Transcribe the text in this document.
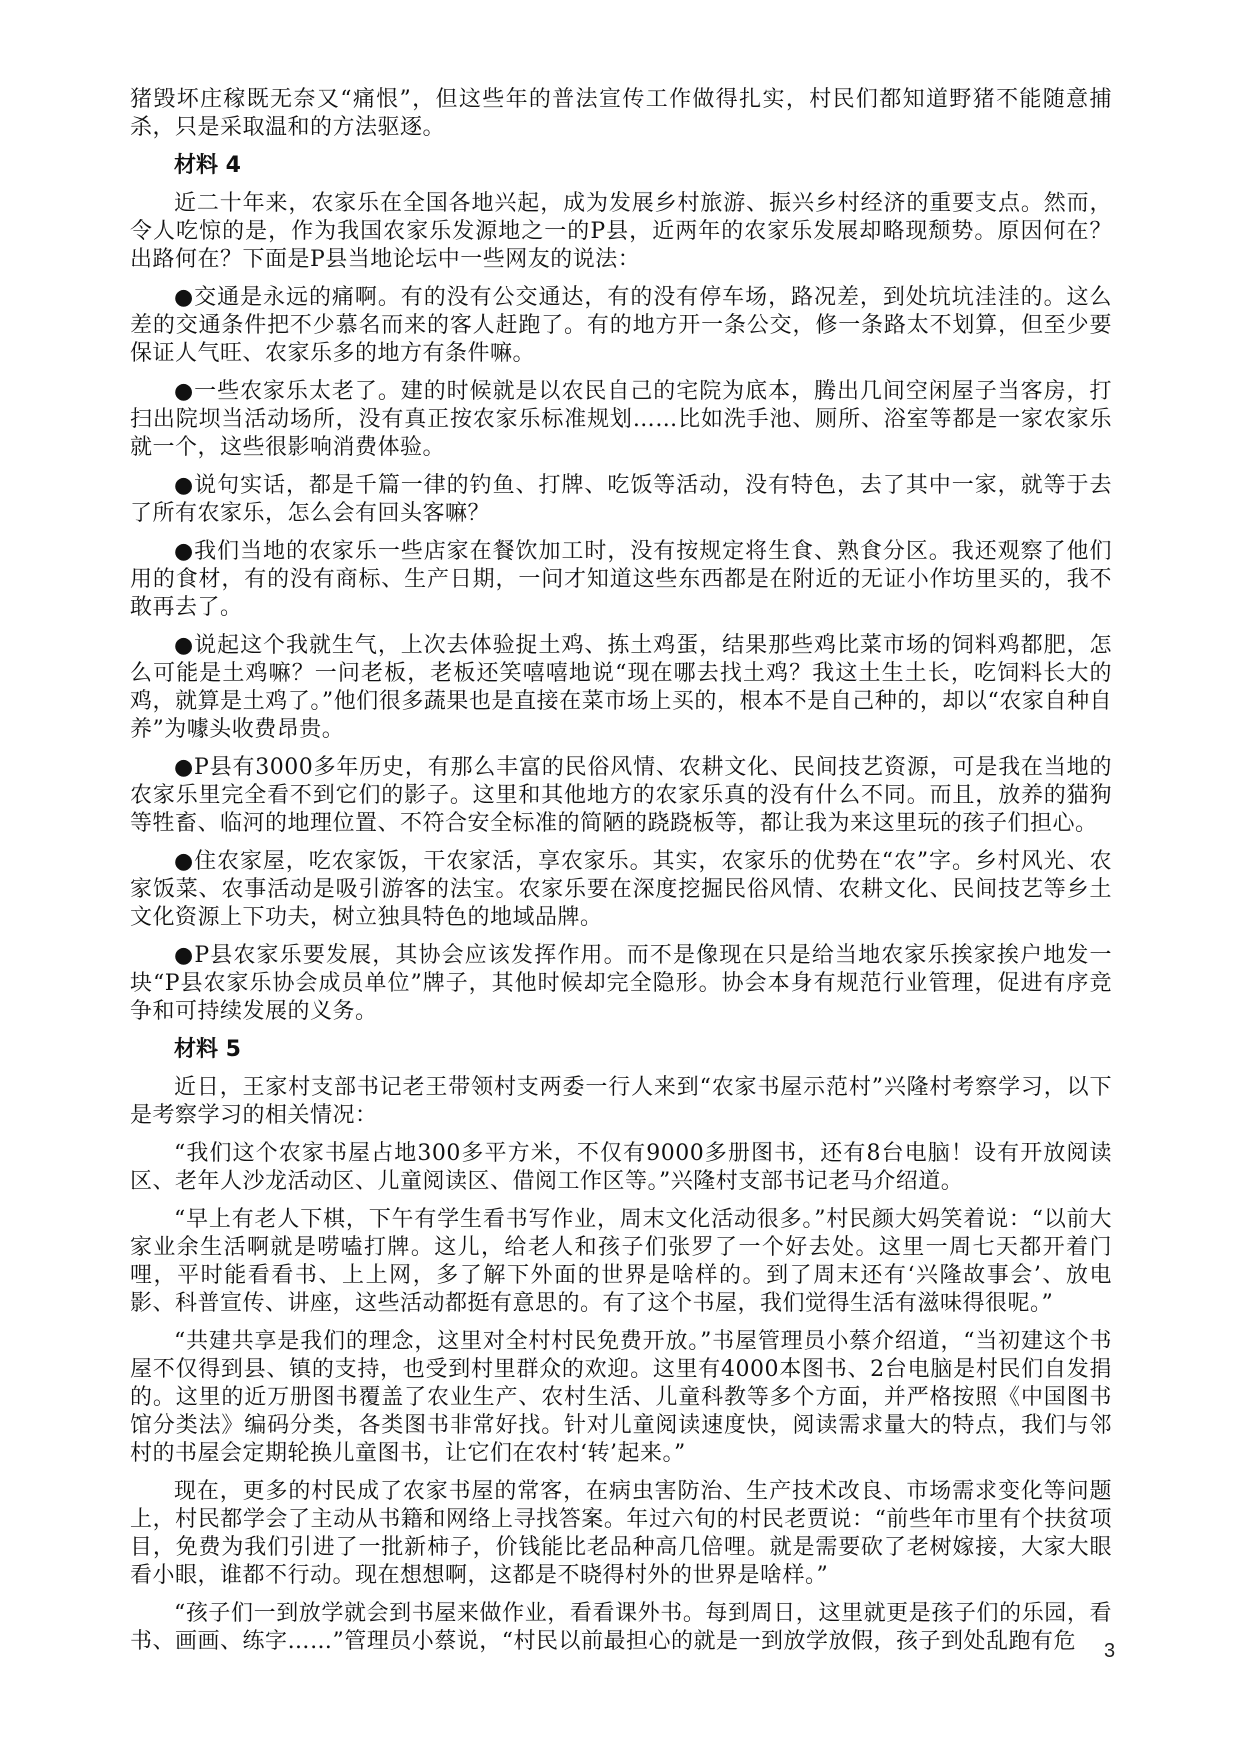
猪毁坏庄稼既无奈又“痛恨”，但这些年的普法宣传工作做得扎实，村民们都知道野猪不能随意捕杀，只是采取温和的方法驱逐。

材料 4

近二十年来，农家乐在全国各地兴起，成为发展乡村旅游、振兴乡村经济的重要支点。然而，令人吃惊的是，作为我国农家乐发源地之一的P县，近两年的农家乐发展却略现颓势。原因何在？出路何在？下面是P县当地论坛中一些网友的说法：

●交通是永远的痛啊。有的没有公交通达，有的没有停车场，路况差，到处坑坑洼洼的。这么差的交通条件把不少慕名而来的客人赶跑了。有的地方开一条公交，修一条路太不划算，但至少要保证人气旺、农家乐多的地方有条件嘛。

●一些农家乐太老了。建的时候就是以农民自己的宅院为底本，腾出几间空闲屋子当客房，打扫出院坝当活动场所，没有真正按农家乐标准规划……比如洗手池、厕所、浴室等都是一家农家乐就一个，这些很影响消费体验。

●说句实话，都是千篇一律的钓鱼、打牌、吃饭等活动，没有特色，去了其中一家，就等于去了所有农家乐，怎么会有回头客嘛？

●我们当地的农家乐一些店家在餐饮加工时，没有按规定将生食、熟食分区。我还观察了他们用的食材，有的没有商标、生产日期，一问才知道这些东西都是在附近的无证小作坊里买的，我不敢再去了。

●说起这个我就生气，上次去体验捉土鸡、拣土鸡蛋，结果那些鸡比菜市场的饲料鸡都肥，怎么可能是土鸡嘛？一问老板，老板还笑嘻嘻地说“现在哪去找土鸡？我这土生土长，吃饲料长大的鸡，就算是土鸡了。”他们很多蔬果也是直接在菜市场上买的，根本不是自己种的，却以“农家自种自养”为噱头收费昂贵。

●P县有3000多年历史，有那么丰富的民俗风情、农耕文化、民间技艺资源，可是我在当地的农家乐里完全看不到它们的影子。这里和其他地方的农家乐真的没有什么不同。而且，放养的猫狗等牲畜、临河的地理位置、不符合安全标准的简陋的跷跷板等，都让我为来这里玩的孩子们担心。

●住农家屋，吃农家饭，干农家活，享农家乐。其实，农家乐的优势在“农”字。乡村风光、农家饭菜、农事活动是吸引游客的法宝。农家乐要在深度挖掘民俗风情、农耕文化、民间技艺等乡土文化资源上下功夫，树立独具特色的地域品牌。

●P县农家乐要发展，其协会应该发挥作用。而不是像现在只是给当地农家乐挨家挨户地发一块“P县农家乐协会成员单位”牌子，其他时候却完全隐形。协会本身有规范行业管理，促进有序竞争和可持续发展的义务。

材料 5

近日，王家村支部书记老王带领村支两委一行人来到“农家书屋示范村”兴隆村考察学习，以下是考察学习的相关情况：

“我们这个农家书屋占地300多平方米，不仅有9000多册图书，还有8台电脑！设有开放阅读区、老年人沙龙活动区、儿童阅读区、借阅工作区等。”兴隆村支部书记老马介绍道。

“早上有老人下棋，下午有学生看书写作业，周末文化活动很多。”村民颜大妈笑着说：“以前大家业余生活啊就是唠嗑打牌。这儿，给老人和孩子们张罗了一个好去处。这里一周七天都开着门哩，平时能看看书、上上网，多了解下外面的世界是啥样的。到了周末还有‘兴隆故事会’、放电影、科普宣传、讲座，这些活动都挺有意思的。有了这个书屋，我们觉得生活有滋味得很呢。”

“共建共享是我们的理念，这里对全村村民免费开放。”书屋管理员小蔡介绍道，“当初建这个书屋不仅得到县、镇的支持，也受到村里群众的欢迎。这里有4000本图书、2台电脑是村民们自发捐的。这里的近万册图书覆盖了农业生产、农村生活、儿童科教等多个方面，并严格按照《中国图书馆分类法》编码分类，各类图书非常好找。针对儿童阅读速度快，阅读需求量大的特点，我们与邻村的书屋会定期轮换儿童图书，让它们在农村‘转’起来。”

现在，更多的村民成了农家书屋的常客，在病虫害防治、生产技术改良、市场需求变化等问题上，村民都学会了主动从书籍和网络上寻找答案。年过六旬的村民老贾说：“前些年市里有个扶贫项目，免费为我们引进了一批新柿子，价钱能比老品种高几倍哩。就是需要砍了老树嫁接，大家大眼看小眼，谁都不行动。现在想想啊，这都是不晓得村外的世界是啥样。”

“孩子们一到放学就会到书屋来做作业，看看课外书。每到周日，这里就更是孩子们的乐园，看书、画画、练字……”管理员小蔡说，“村民以前最担心的就是一到放学放假，孩子到处乱跑有危	3
